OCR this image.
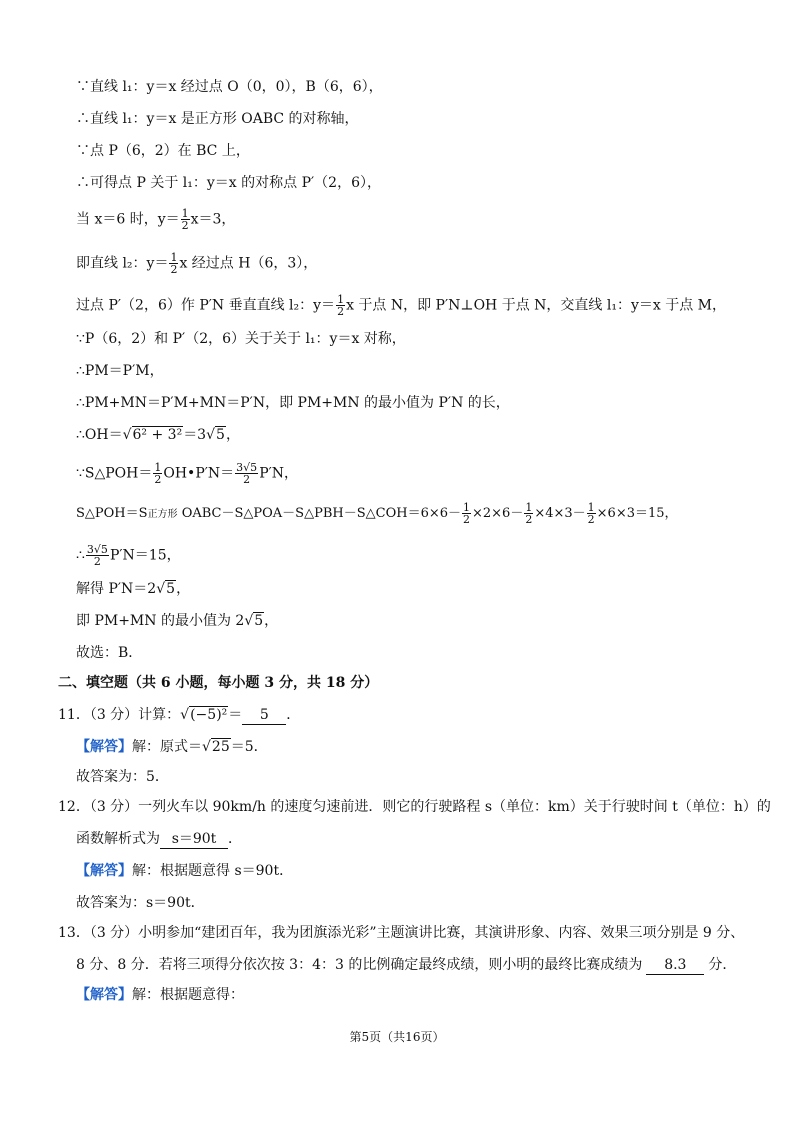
∵直线 l₁：y＝x 经过点 O（0，0），B（6，6），
∴直线 l₁：y＝x 是正方形 OABC 的对称轴，
∵点 P（6，2）在 BC 上，
∴可得点 P 关于 l₁：y＝x 的对称点 P′（2，6），
当 x＝6 时，$y= \frac{1}{2} x=3$，
即直线 l₂：$y= \frac{1}{2}$ x 经过点 H（6，3），
过点 P′（2，6）作 P′N 垂直直线 l₂：$y= \frac{1}{2}$ x 于点 N，即 P′N⊥OH 于点 N，交直线 l₁：y＝x 于点 M，
∵P（6，2）和 P′（2，6）关于关于 l₁：y＝x 对称，
∴PM＝P′M，
∴PM+MN＝P′M+MN＝P′N，即 PM+MN 的最小值为 P′N 的长，
∴OH＝√6² + 3²＝3√5，
∵S△POH＝ $\frac{1}{2}$ OH•P′N＝ $\frac{3√5}{2} P'N$，
S△POH＝S正方形 OABC－S△POA－S△PBH－S△COH＝6×6－ $\frac{1}{2} \times 2\times 6- \frac{1}{2} \times 4\times 3- \frac{1}{2} \times 6\times 3=15$，
∴ $\frac{3√5}{2} P'N=15$，
解得 P′N＝2√5，
即 PM+MN 的最小值为 2√5，
故选：B．
二、填空题（共 6 小题，每小题 3 分，共 18 分）
11．（3 分）计算：√(−5)²＝ 5 ．
【解答】解：原式＝√25＝5．
故答案为：5．
12．（3 分）一列火车以 90km/h 的速度匀速前进．则它的行驶路程 s（单位：km）关于行驶时间 t（单位：h）的
函数解析式为 s＝90t ．
【解答】解：根据题意得 s＝90t．
故答案为：s＝90t．
13．（3 分）小明参加“建团百年，我为团旗添光彩”主题演讲比赛，其演讲形象、内容、效果三项分别是 9 分、
8 分、8 分．若将三项得分依次按 3：4：3 的比例确定最终成绩，则小明的最终比赛成绩为 8.3 分．
【解答】解：根据题意得：
第5页（共16页）
